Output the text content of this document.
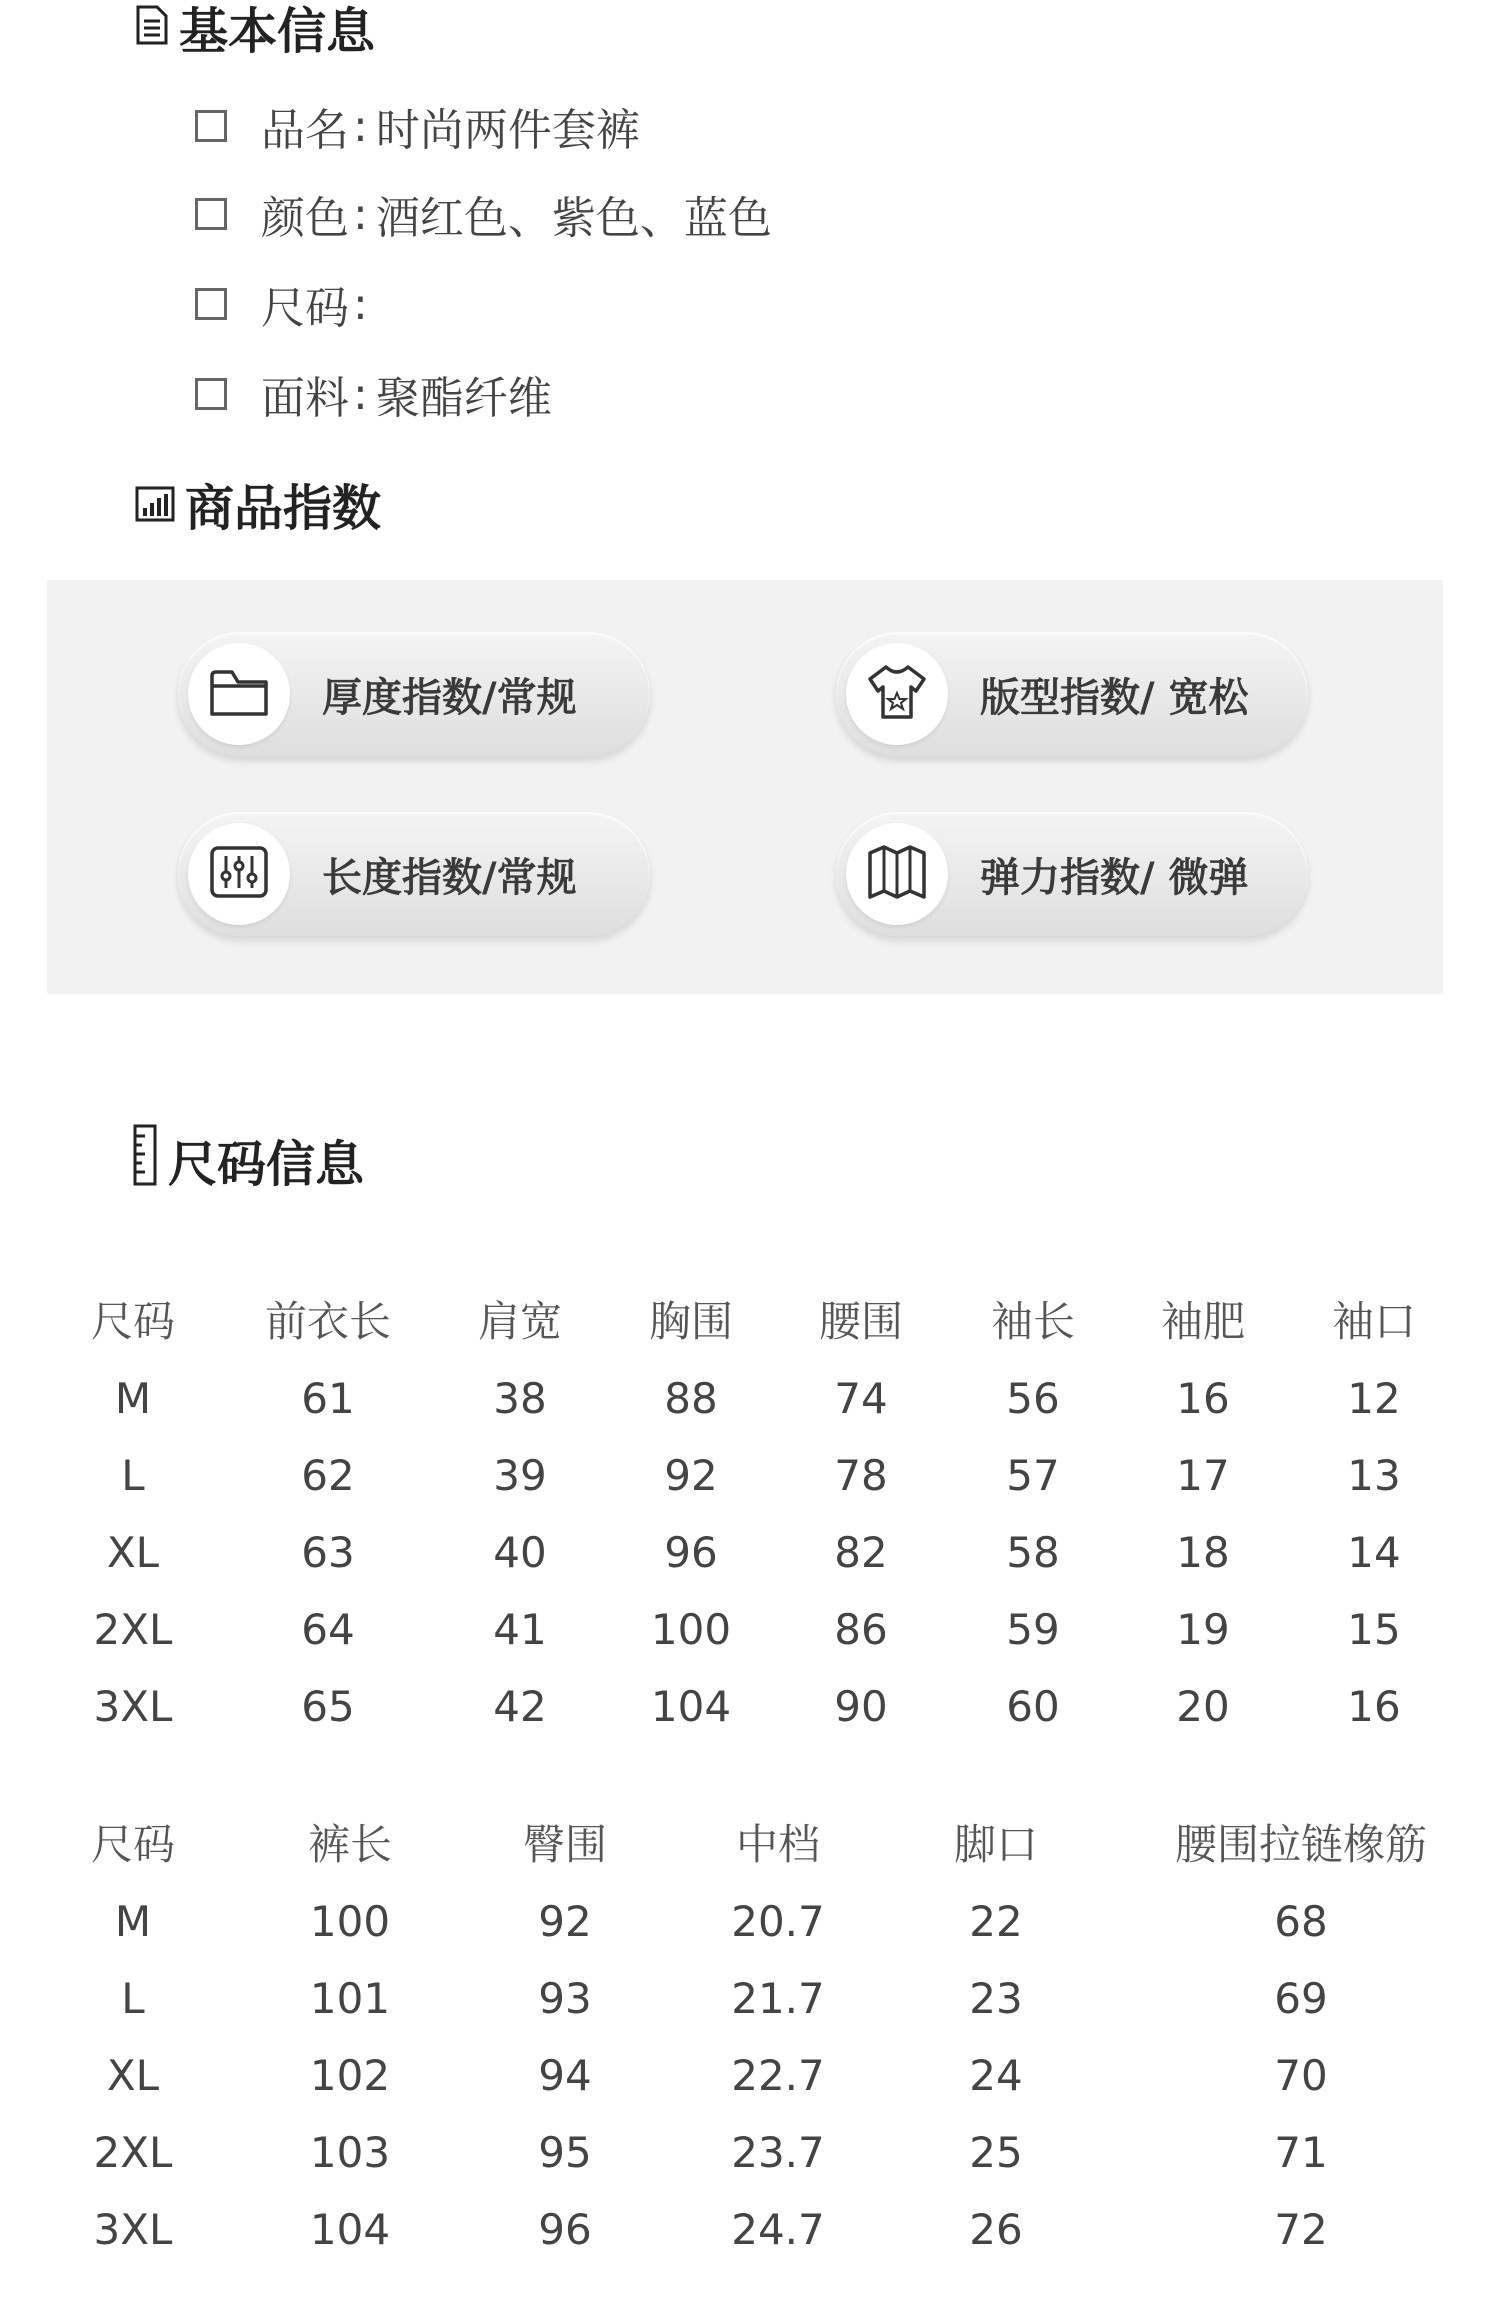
基本信息
品名 : 时尚两件套裤
颜色 : 酒红色、紫色、蓝色
尺码 :
面料 : 聚酯纤维
商品指数
厚度指数/常规	版型指数/ 宽松
长度指数/常规	弹力指数/ 微弹
尺码信息
尺码 前衣长 肩宽 胸围 腰围 袖长 袖肥 袖口
M	61	38	88	74	56	16	12
L	62	39	92	78	57	17	13
XL	63	40	96	82	58	18	14
2XL	64	41 100 86	59	19	15
3XL	65	42 104 90	60	20	16
尺码	裤长	臀围	中档	脚口	腰围拉链橡筋
M	100	92	20.7	22	68
L	101	93	21.7	23	69
XL	102	94	22.7	24	70
2XL	103	95	23.7	25	71
3XL	104	96	24.7	26	72
